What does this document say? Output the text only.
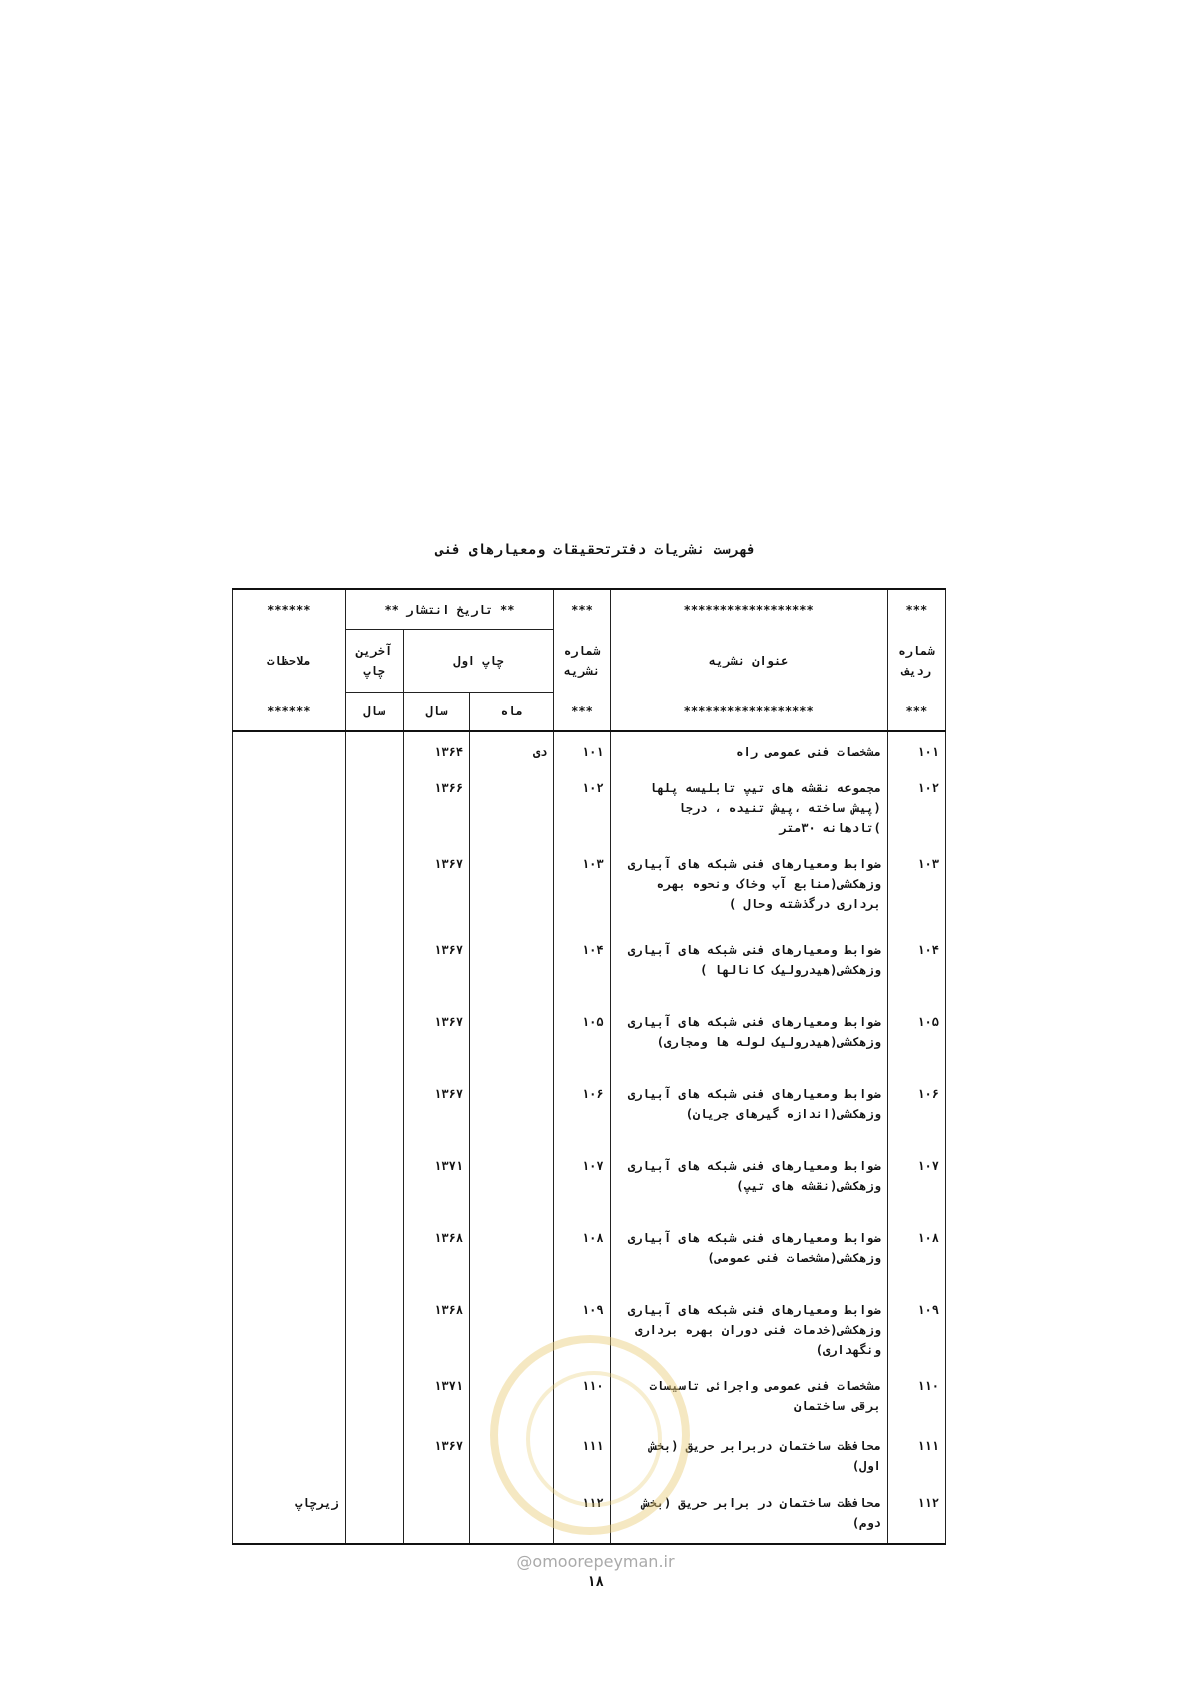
فهرست نشریات دفترتحقیقات ومعیارهای فنی
***	******************	***	** تاریخ انتشار **			******
شماره ردیف	عنوان نشریه	شماره نشریه	چاپ اول		آخرین چاپ	ملاحظات
***	******************	***	ماه	سال	سال	******
۱۰۱	مشخصات فنی عمومی راه	۱۰۱	دی	۱۳۶۴		
۱۰۲	مجموعه نقشه های تیپ تابلیسه پلها (پیش ساخته ،پیش تنیده ، درجا )تادهانه ۳۰متر	۱۰۲		۱۳۶۶		
۱۰۳	ضوابط ومعیارهای فنی شبکه های آبیاری وزهکشی(منابع آب وخاک ونحوه بهره برداری درگذشته وحال )	۱۰۳		۱۳۶۷		
۱۰۴	ضوابط ومعیارهای فنی شبکه های آبیاری وزهکشی(هیدرولیک کانالها )	۱۰۴		۱۳۶۷		
۱۰۵	ضوابط ومعیارهای فنی شبکه های آبیاری وزهکشی(هیدرولیک لوله ها ومجاری)	۱۰۵		۱۳۶۷		
۱۰۶	ضوابط ومعیارهای فنی شبکه های آبیاری وزهکشی(اندازه گیرهای جریان)	۱۰۶		۱۳۶۷		
۱۰۷	ضوابط ومعیارهای فنی شبکه های آبیاری وزهکشی(نقشه های تیپ)	۱۰۷		۱۳۷۱		
۱۰۸	ضوابط ومعیارهای فنی شبکه های آبیاری وزهکشی(مشخصات فنی عمومی)	۱۰۸		۱۳۶۸		
۱۰۹	ضوابط ومعیارهای فنی شبکه های آبیاری وزهکشی(خدمات فنی دوران بهره برداری ونگهداری)	۱۰۹		۱۳۶۸		
۱۱۰	مشخصات فنی عمومی واجرائی تاسیسات برقی ساختمان	۱۱۰		۱۳۷۱		
۱۱۱	محافظت ساختمان دربرابر حریق (بخش اول)	۱۱۱		۱۳۶۷		
۱۱۲	محافظت ساختمان در برابر حریق (بخش دوم)	۱۱۲				زیرچاپ
@omoorepeyman.ir
۱۸
